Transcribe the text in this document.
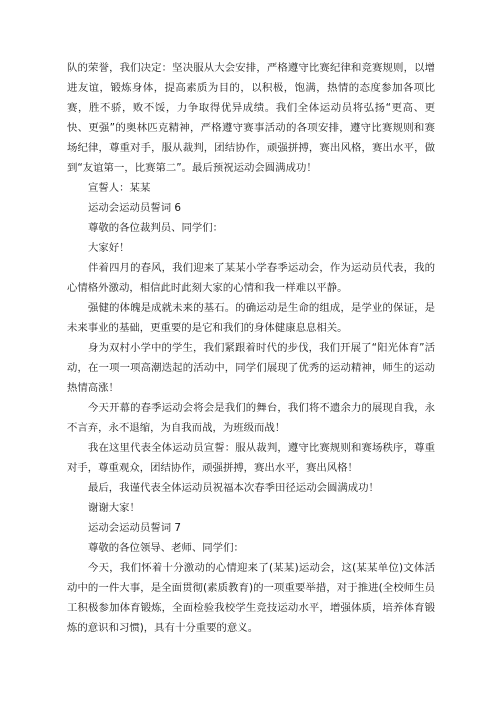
队的荣誉，我们决定：坚决服从大会安排，严格遵守比赛纪律和竞赛规则，以增进友谊，锻炼身体，提高素质为目的，以积极，饱满，热情的态度参加各项比赛，胜不骄，败不馁，力争取得优异成绩。我们全体运动员将弘扬“更高、更快、更强”的奥林匹克精神，严格遵守赛事活动的各项安排，遵守比赛规则和赛场纪律，尊重对手，服从裁判，团结协作，顽强拼搏，赛出风格，赛出水平，做到“友谊第一，比赛第二”。最后预祝运动会圆满成功！

宣誓人：某某

运动会运动员誓词 6

尊敬的各位裁判员、同学们：

大家好！

伴着四月的春风，我们迎来了某某小学春季运动会，作为运动员代表，我的心情格外激动，相信此时此刻大家的心情和我一样难以平静。

强健的体魄是成就未来的基石。的确运动是生命的组成，是学业的保证，是未来事业的基础，更重要的是它和我们的身体健康息息相关。

身为双村小学中的学生，我们紧跟着时代的步伐，我们开展了“阳光体育”活动，在一项一项高潮迭起的活动中，同学们展现了优秀的运动精神，师生的运动热情高涨！

今天开幕的春季运动会将会是我们的舞台，我们将不遗余力的展现自我，永不言弃，永不退缩，为自我而战，为班级而战！

我在这里代表全体运动员宣誓：服从裁判，遵守比赛规则和赛场秩序，尊重对手，尊重观众，团结协作，顽强拼搏，赛出水平，赛出风格！

最后，我谨代表全体运动员祝福本次春季田径运动会圆满成功！

谢谢大家！

运动会运动员誓词 7

尊敬的各位领导、老师、同学们：

今天，我们怀着十分激动的心情迎来了(某某)运动会，这(某某单位)文体活动中的一件大事，是全面贯彻(素质教育)的一项重要举措，对于推进(全校师生员工积极参加体育锻炼，全面检验我校学生竞技运动水平，增强体质，培养体育锻炼的意识和习惯)，具有十分重要的意义。
